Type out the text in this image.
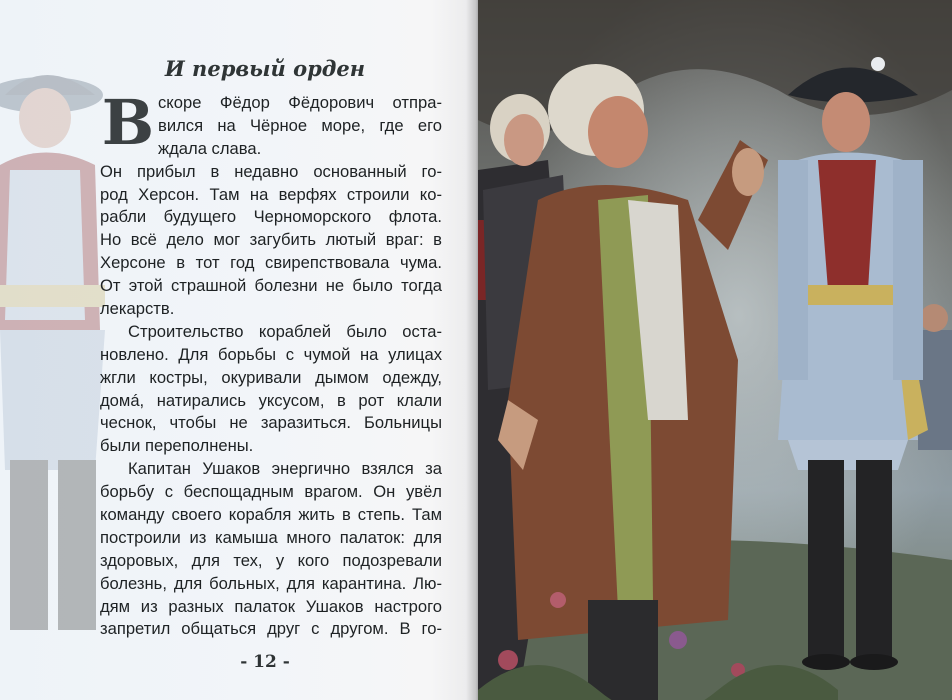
И первый орден
В скоре Фёдор Фёдорович отпра-
вился на Чёрное море, где его
ждала слава.
Он прибыл в недавно основанный го-
род Херсон. Там на верфях строили ко-
рабли будущего Черноморского флота.
Но всё дело мог загубить лютый враг: в
Херсоне в тот год свирепствовала чума.
От этой страшной болезни не было тогда
лекарств.
Строительство кораблей было оста-
новлено. Для борьбы с чумой на улицах
жгли костры, окуривали дымом одежду,
домá, натирались уксусом, в рот клали
чеснок, чтобы не заразиться. Больницы
были переполнены.
Капитан Ушаков энергично взялся за
борьбу с беспощадным врагом. Он увёл
команду своего корабля жить в степь. Там
построили из камыша много палаток: для
здоровых, для тех, у кого подозревали
болезнь, для больных, для карантина. Лю-
дям из разных палаток Ушаков настрого
запретил общаться друг с другом. В го-
- 12 -
